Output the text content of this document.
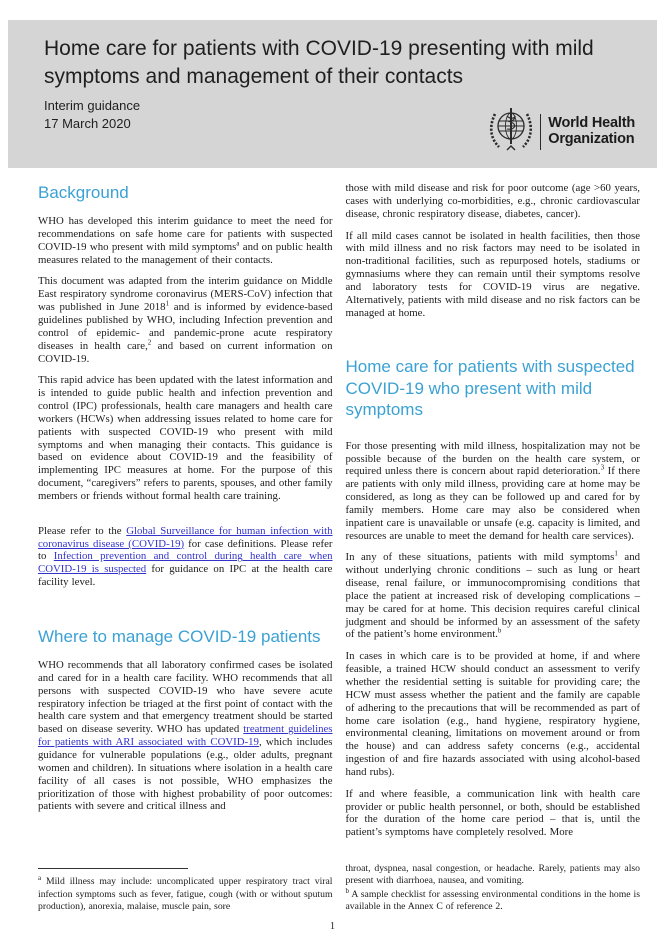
Home care for patients with COVID-19 presenting with mild symptoms and management of their contacts
Interim guidance
17 March 2020	World Health
Organization
Background

WHO has developed this interim guidance to meet the need for recommendations on safe home care for patients with suspected COVID-19 who present with mild symptoms$^a$ and on public health measures related to the management of their contacts.

This document was adapted from the interim guidance on Middle East respiratory syndrome coronavirus (MERS-CoV) infection that was published in June 2018$^1$ and is informed by evidence-based guidelines published by WHO, including Infection prevention and control of epidemic- and pandemic-prone acute respiratory diseases in health care,$^2$ and based on current information on COVID-19.

This rapid advice has been updated with the latest information and is intended to guide public health and infection prevention and control (IPC) professionals, health care managers and health care workers (HCWs) when addressing issues related to home care for patients with suspected COVID-19 who present with mild symptoms and when managing their contacts. This guidance is based on evidence about COVID-19 and the feasibility of implementing IPC measures at home. For the purpose of this document, “caregivers” refers to parents, spouses, and other family members or friends without formal health care training.

Please refer to the Global Surveillance for human infection with coronavirus disease (COVID-19) for case definitions. Please refer to Infection prevention and control during health care when COVID-19 is suspected for guidance on IPC at the health care facility level.

Where to manage COVID-19 patients

WHO recommends that all laboratory confirmed cases be isolated and cared for in a health care facility. WHO recommends that all persons with suspected COVID-19 who have severe acute respiratory infection be triaged at the first point of contact with the health care system and that emergency treatment should be started based on disease severity. WHO has updated treatment guidelines for patients with ARI associated with COVID-19, which includes guidance for vulnerable populations (e.g., older adults, pregnant women and children). In situations where isolation in a health care facility of all cases is not possible, WHO emphasizes the prioritization of those with highest probability of poor outcomes: patients with severe and critical illness and

$^a$ Mild illness may include: uncomplicated upper respiratory tract viral infection symptoms such as fever, fatigue, cough (with or without sputum production), anorexia, malaise, muscle pain, sore

those with mild disease and risk for poor outcome (age >60 years, cases with underlying co-morbidities, e.g., chronic cardiovascular disease, chronic respiratory disease, diabetes, cancer).

If all mild cases cannot be isolated in health facilities, then those with mild illness and no risk factors may need to be isolated in non-traditional facilities, such as repurposed hotels, stadiums or gymnasiums where they can remain until their symptoms resolve and laboratory tests for COVID-19 virus are negative. Alternatively, patients with mild disease and no risk factors can be managed at home.

Home care for patients with suspected COVID-19 who present with mild symptoms

For those presenting with mild illness, hospitalization may not be possible because of the burden on the health care system, or required unless there is concern about rapid deterioration.$^3$ If there are patients with only mild illness, providing care at home may be considered, as long as they can be followed up and cared for by family members. Home care may also be considered when inpatient care is unavailable or unsafe (e.g. capacity is limited, and resources are unable to meet the demand for health care services).

In any of these situations, patients with mild symptoms$^1$ and without underlying chronic conditions – such as lung or heart disease, renal failure, or immunocompromising conditions that place the patient at increased risk of developing complications – may be cared for at home. This decision requires careful clinical judgment and should be informed by an assessment of the safety of the patient’s home environment.$^b$

In cases in which care is to be provided at home, if and where feasible, a trained HCW should conduct an assessment to verify whether the residential setting is suitable for providing care; the HCW must assess whether the patient and the family are capable of adhering to the precautions that will be recommended as part of home care isolation (e.g., hand hygiene, respiratory hygiene, environmental cleaning, limitations on movement around or from the house) and can address safety concerns (e.g., accidental ingestion of and fire hazards associated with using alcohol-based hand rubs).

If and where feasible, a communication link with health care provider or public health personnel, or both, should be established for the duration of the home care period – that is, until the patient’s symptoms have completely resolved. More

throat, dyspnea, nasal congestion, or headache. Rarely, patients may also present with diarrhoea, nausea, and vomiting.

$^b$ A sample checklist for assessing environmental conditions in the home is available in the Annex C of reference 2.

1
